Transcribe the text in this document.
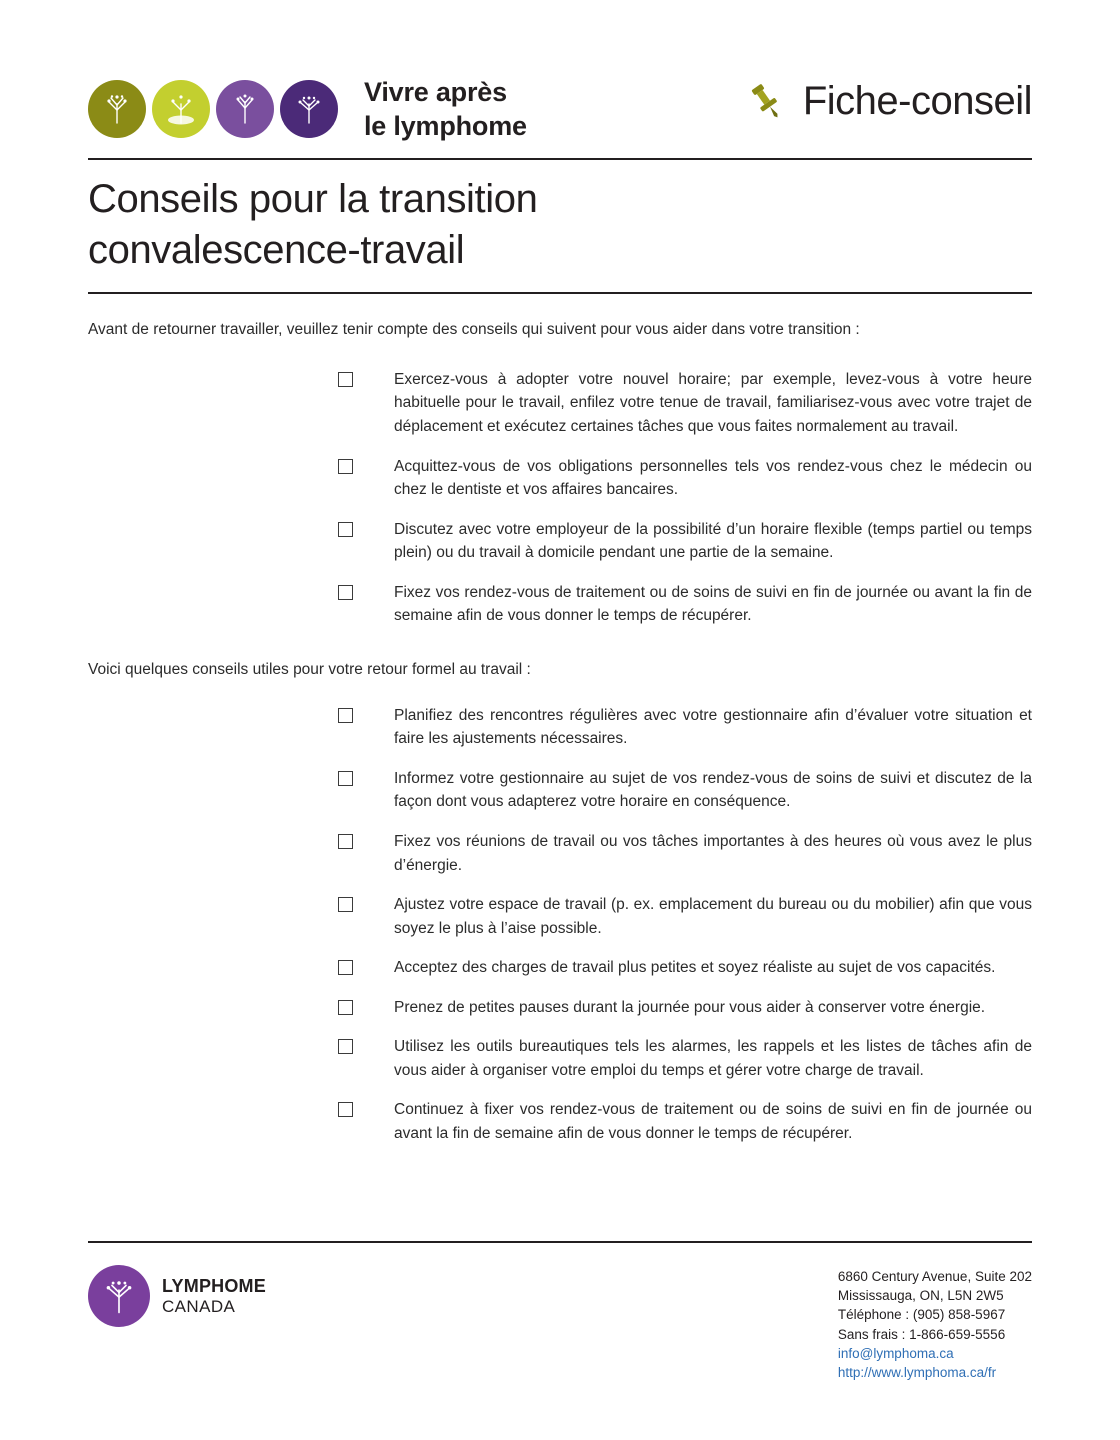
Vivre après
le lymphome
Fiche-conseil
Conseils pour la transition
convalescence-travail
Avant de retourner travailler, veuillez tenir compte des conseils qui suivent pour vous aider dans votre transition :
Exercez-vous à adopter votre nouvel horaire; par exemple, levez-vous à votre heure habituelle pour le travail, enfilez votre tenue de travail, familiarisez-vous avec votre trajet de déplacement et exécutez certaines tâches que vous faites normalement au travail.
Acquittez-vous de vos obligations personnelles tels vos rendez-vous chez le médecin ou chez le dentiste et vos affaires bancaires.
Discutez avec votre employeur de la possibilité d’un horaire flexible (temps partiel ou temps plein) ou du travail à domicile pendant une partie de la semaine.
Fixez vos rendez-vous de traitement ou de soins de suivi en fin de journée ou avant la fin de semaine afin de vous donner le temps de récupérer.
Voici quelques conseils utiles pour votre retour formel au travail :
Planifiez des rencontres régulières avec votre gestionnaire afin d’évaluer votre situation et faire les ajustements nécessaires.
Informez votre gestionnaire au sujet de vos rendez-vous de soins de suivi et discutez de la façon dont vous adapterez votre horaire en conséquence.
Fixez vos réunions de travail ou vos tâches importantes à des heures où vous avez le plus d’énergie.
Ajustez votre espace de travail (p. ex. emplacement du bureau ou du mobilier) afin que vous soyez le plus à l’aise possible.
Acceptez des charges de travail plus petites et soyez réaliste au sujet de vos capacités.
Prenez de petites pauses durant la journée pour vous aider à conserver votre énergie.
Utilisez les outils bureautiques tels les alarmes, les rappels et les listes de tâches afin de vous aider à organiser votre emploi du temps et gérer votre charge de travail.
Continuez à fixer vos rendez-vous de traitement ou de soins de suivi en fin de journée ou avant la fin de semaine afin de vous donner le temps de récupérer.
LYMPHOME
CANADA
6860 Century Avenue, Suite 202
Mississauga, ON, L5N 2W5
Téléphone : (905) 858-5967
Sans frais : 1-866-659-5556
info@lymphoma.ca
http://www.lymphoma.ca/fr
